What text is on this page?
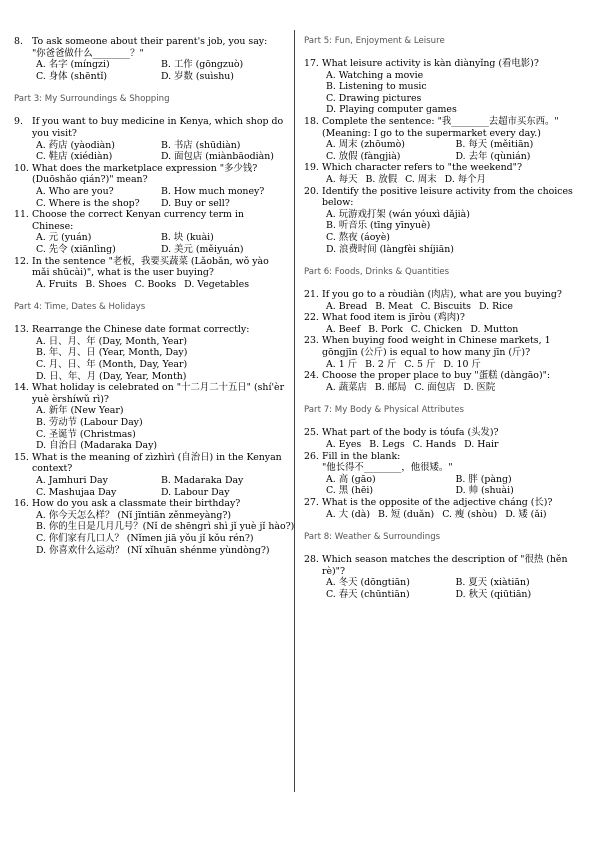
8. To ask someone about their parent's job, you say:
"你爸爸做什么________？"
A. 名字 (míngzi)	B. 工作 (gōngzuò)
C. 身体 (shēntǐ)	D. 岁数 (suìshu)
Part 3: My Surroundings & Shopping
9. If you want to buy medicine in Kenya, which shop do you visit?
A. 药店 (yàodiàn)	B. 书店 (shūdiàn)
C. 鞋店 (xiédiàn)	D. 面包店 (miànbāodiàn)
10. What does the marketplace expression "多少钱?(Duōshǎo qián?)" mean?
A. Who are you?	B. How much money?
C. Where is the shop?	D. Buy or sell?
11. Choose the correct Kenyan currency term in Chinese:
A. 元 (yuán)	B. 块 (kuài)
C. 先令 (xiānlìng)	D. 美元 (měiyuán)
12. In the sentence "老板，我要买蔬菜 (Lǎobǎn, wǒ yào mǎi shūcài)", what is the user buying?
A. Fruits B. Shoes C. Books D. Vegetables
Part 4: Time, Dates & Holidays
13. Rearrange the Chinese date format correctly:
A. 日、月、年 (Day, Month, Year)
B. 年、月、日 (Year, Month, Day)
C. 月、日、年 (Month, Day, Year)
D. 日、年、月 (Day, Year, Month)
14. What holiday is celebrated on "十二月二十五日" (shí'èr yuè èrshíwǔ rì)?
A. 新年 (New Year)
B. 劳动节 (Labour Day)
C. 圣诞节 (Christmas)
D. 自治日 (Madaraka Day)
15. What is the meaning of zìzhìrì (自治日) in the Kenyan context?
A. Jamhuri Day	B. Madaraka Day
C. Mashujaa Day	D. Labour Day
16. How do you ask a classmate their birthday?
A. 你今天怎么样？ (Nǐ jīntiān zěnmeyàng?)
B. 你的生日是几月几号？(Nǐ de shēngrì shì jǐ yuè jǐ hào?)
C. 你们家有几口人？ (Nǐmen jiā yǒu jǐ kǒu rén?)
D. 你喜欢什么运动？ (Nǐ xǐhuān shénme yùndòng?)
Part 5: Fun, Enjoyment & Leisure
17. What leisure activity is kàn diànyǐng (看电影)?
A. Watching a movie
B. Listening to music
C. Drawing pictures
D. Playing computer games
18. Complete the sentence: "我________去超市买东西。" (Meaning: I go to the supermarket every day.)
A. 周末 (zhōumò)	B. 每天 (měitiān)
C. 放假 (fàngjià)	D. 去年 (qùnián)
19. Which character refers to "the weekend"?
A. 每天 B. 放假 C. 周末 D. 每个月
20. Identify the positive leisure activity from the choices below:
A. 玩游戏打架 (wán yóuxì dǎjià)
B. 听音乐 (tīng yīnyuè)
C. 熬夜 (áoyè)
D. 浪费时间 (làngfèi shíjiān)
Part 6: Foods, Drinks & Quantities
21. If you go to a ròudiàn (肉店), what are you buying?
A. Bread B. Meat C. Biscuits D. Rice
22. What food item is jīròu (鸡肉)?
A. Beef B. Pork C. Chicken D. Mutton
23. When buying food weight in Chinese markets, 1 gōngjīn (公斤) is equal to how many jīn (斤)?
A. 1 斤 B. 2 斤 C. 5 斤 D. 10 斤
24. Choose the proper place to buy "蛋糕 (dàngāo)":
A. 蔬菜店 B. 邮局 C. 面包店 D. 医院
Part 7: My Body & Physical Attributes
25. What part of the body is tóufa (头发)?
A. Eyes B. Legs C. Hands D. Hair
26. Fill in the blank:
"他长得不________，他很矮。"
A. 高 (gāo)	B. 胖 (pàng)
C. 黑 (hēi)	D. 帅 (shuài)
27. What is the opposite of the adjective cháng (长)?
A. 大 (dà) B. 短 (duǎn) C. 瘦 (shòu) D. 矮 (ǎi)
Part 8: Weather & Surroundings
28. Which season matches the description of "很热 (hěn rè)"?
A. 冬天 (dōngtiān)	B. 夏天 (xiàtiān)
C. 春天 (chūntiān)	D. 秋天 (qiūtiān)
